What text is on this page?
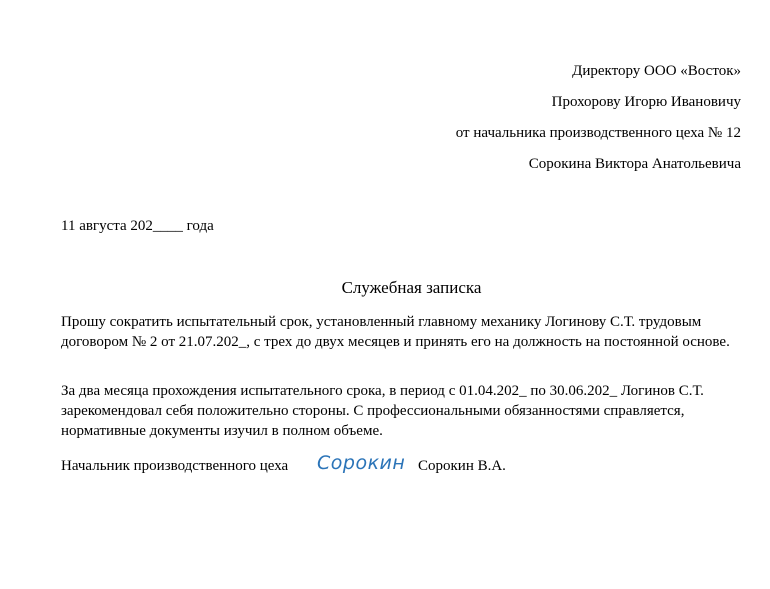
Директору ООО «Восток»
Прохорову Игорю Ивановичу
от начальника производственного цеха № 12
Сорокина Виктора Анатольевича
11 августа 202____ года
Служебная записка
Прошу сократить испытательный срок, установленный главному механику Логинову С.Т. трудовым договором № 2 от 21.07.202_, с трех до двух месяцев и принять его на должность на постоянной основе.
За два месяца прохождения испытательного срока, в период с 01.04.202_ по 30.06.202_ Логинов С.Т. зарекомендовал себя положительно стороны. С профессиональными обязанностями справляется, нормативные документы изучил в полном объеме.
Начальник производственного цеха Сорокин Сорокин В.А.
